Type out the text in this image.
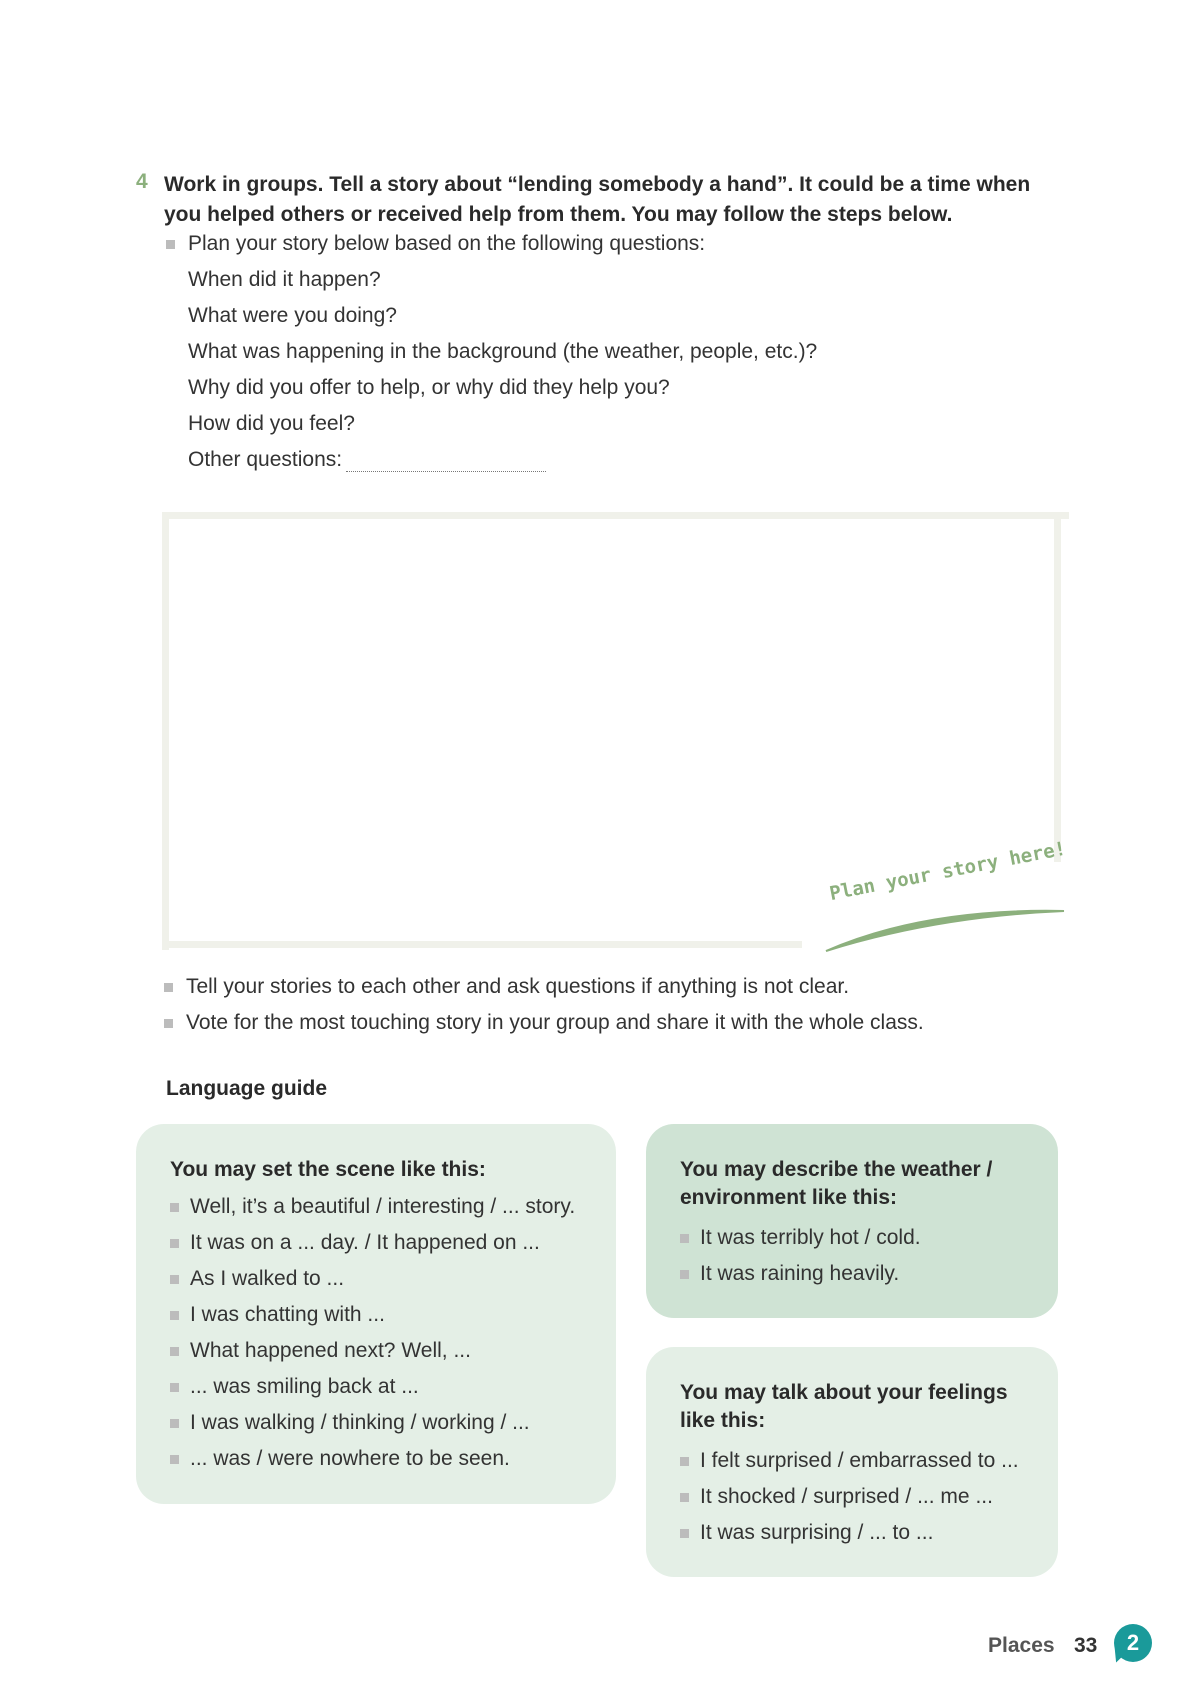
4 Work in groups. Tell a story about “lending somebody a hand”. It could be a time when you helped others or received help from them. You may follow the steps below.
Plan your story below based on the following questions:
When did it happen?
What were you doing?
What was happening in the background (the weather, people, etc.)?
Why did you offer to help, or why did they help you?
How did you feel?
Other questions:
Plan your story here!
Tell your stories to each other and ask questions if anything is not clear.
Vote for the most touching story in your group and share it with the whole class.
Language guide
You may set the scene like this:
Well, it’s a beautiful / interesting / ... story.
It was on a ... day. / It happened on ...
As I walked to ...
I was chatting with ...
What happened next? Well, ...
... was smiling back at ...
I was walking / thinking / working / ...
... was / were nowhere to be seen.
You may describe the weather /
environment like this:
It was terribly hot / cold.
It was raining heavily.
You may talk about your feelings
like this:
I felt surprised / embarrassed to ...
It shocked / surprised / ... me ...
It was surprising / ... to ...
Places 33	2
